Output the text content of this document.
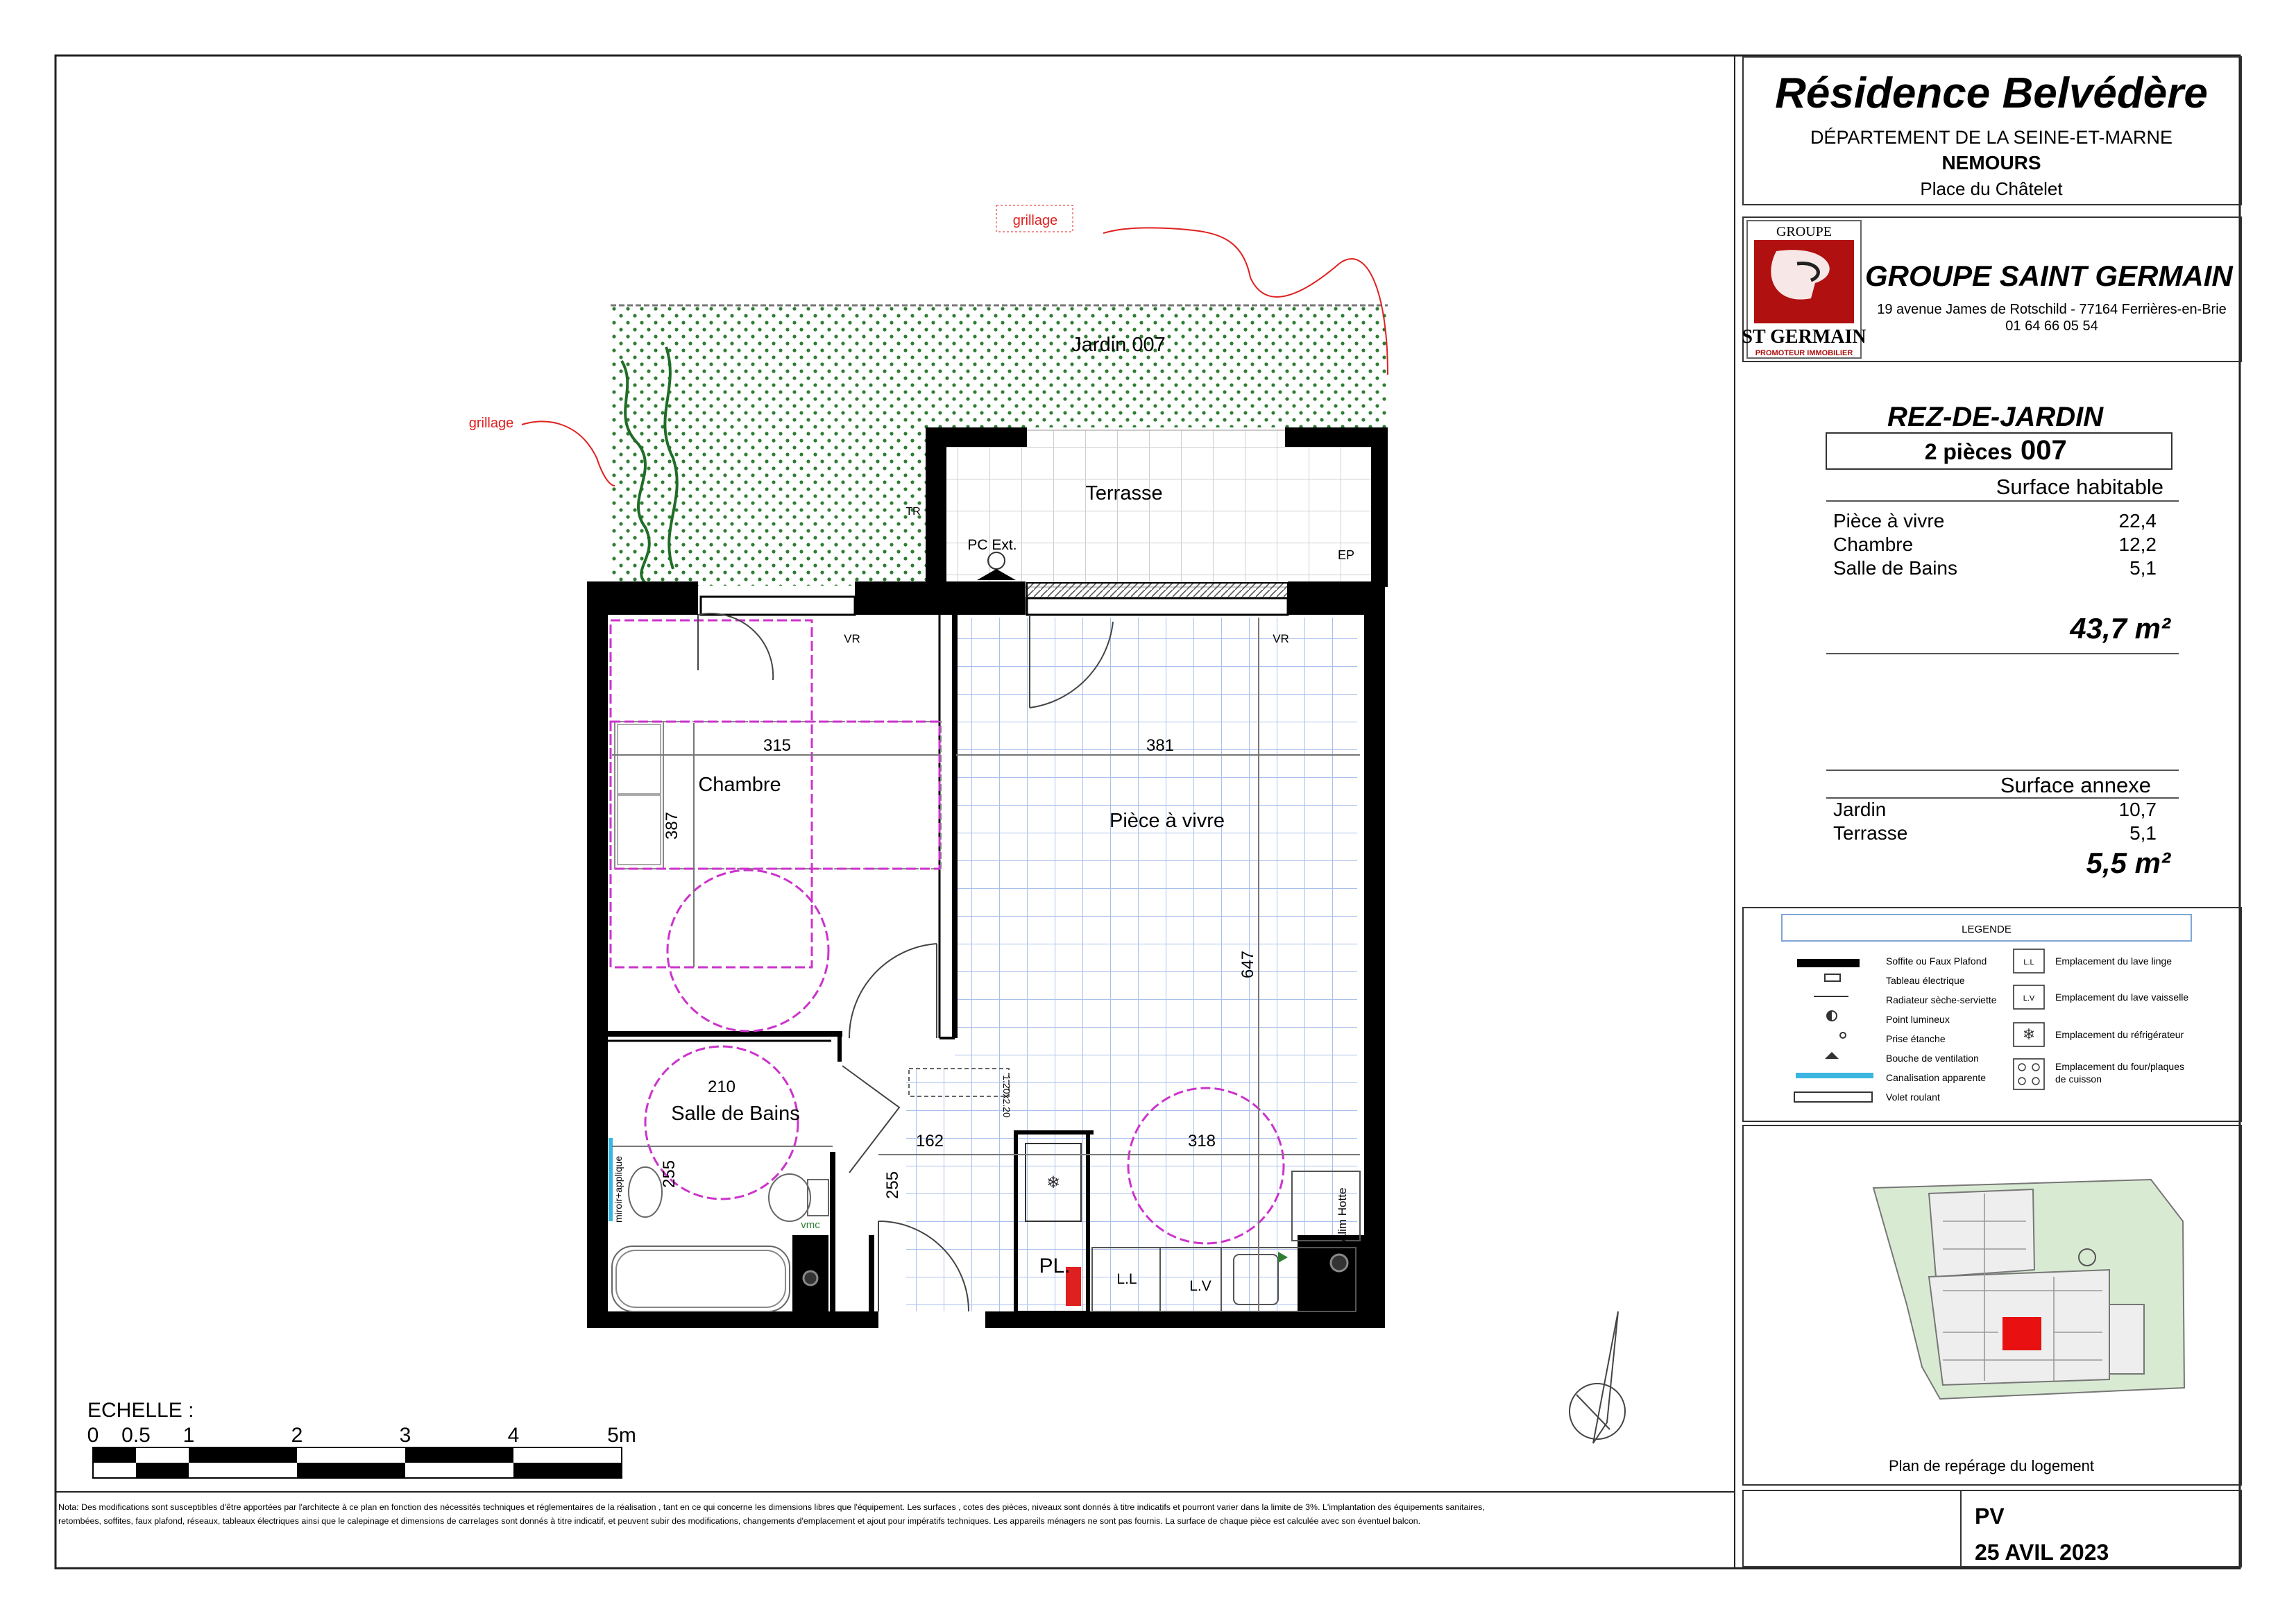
Résidence Belvédère
DÉPARTEMENT DE LA SEINE-ET-MARNE
NEMOURS
Place du Châtelet
GROUPE
ST GERMAIN
PROMOTEUR IMMOBILIER
GROUPE SAINT GERMAIN
19 avenue James de Rotschild - 77164 Ferrières-en-Brie
01 64 66 05 54
REZ-DE-JARDIN
2 pièces 007
Surface habitable
Pièce à vivre	22,4
Chambre	12,2
Salle de Bains	5,1
43,7 m²
Surface annexe
Jardin	10,7
Terrasse	5,1
5,5 m²
LEGENDE
Soffite ou Faux Plafond
Tableau électrique
Radiateur sèche-serviette
Point lumineux
Prise étanche
Bouche de ventilation
Canalisation apparente
Volet roulant
❄
L.L Emplacement du lave linge
L.V Emplacement du lave vaisselle
Emplacement du réfrigérateur
Emplacement du four/plaques
de cuisson
Plan de repérage du logement
PV
25 AVIL 2023
❄
Jardin 007
Terrasse
Chambre
Pièce à vivre
Salle de Bains
grillage
grillage
PC Ext.
EP
TR
VR	VR
PL.
L.L	L.V
Alim Hotte
miroir+applique
vmc
315	381
387
647
210
162	318
255	255
1.20x2.20
ECHELLE :
0 0.5 1	2	3	4	5m
Nota: Des modifications sont susceptibles d'être apportées par l'architecte à ce plan en fonction des nécessités techniques et réglementaires de la réalisation , tant en ce qui concerne les dimensions libres que l'équipement. Les surfaces , cotes des pièces, niveaux sont donnés à titre indicatifs et pourront varier dans la limite de 3%. L'implantation des équipements sanitaires,
retombées, soffites, faux plafond, réseaux, tableaux électriques ainsi que le calepinage et dimensions de carrelages sont donnés à titre indicatif, et peuvent subir des modifications, changements d'emplacement et ajout pour impératifs techniques. Les appareils ménagers ne sont pas fournis. La surface de chaque pièce est calculée avec son éventuel balcon.
